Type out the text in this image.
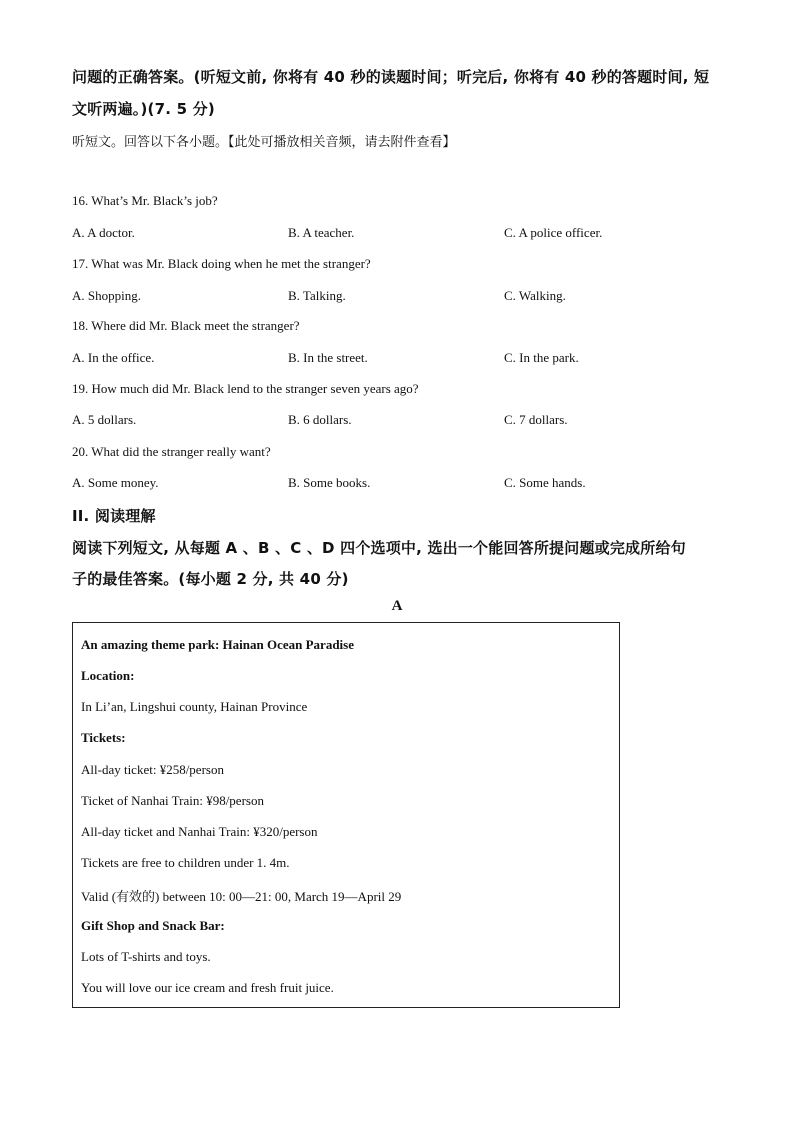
问题的正确答案。(听短文前, 你将有 40 秒的读题时间；听完后, 你将有 40 秒的答题时间, 短
文听两遍。)(7. 5 分)
听短文。回答以下各小题。【此处可播放相关音频，请去附件查看】
16. What’s Mr. Black’s job?
A. A doctor.	B. A teacher.	C. A police officer.
17. What was Mr. Black doing when he met the stranger?
A. Shopping.	B. Talking.	C. Walking.
18. Where did Mr. Black meet the stranger?
A. In the office.	B. In the street.	C. In the park.
19. How much did Mr. Black lend to the stranger seven years ago?
A. 5 dollars.	B. 6 dollars.	C. 7 dollars.
20. What did the stranger really want?
A. Some money.	B. Some books.	C. Some hands.
II. 阅读理解
阅读下列短文, 从每题 A 、B 、C 、D 四个选项中, 选出一个能回答所提问题或完成所给句
子的最佳答案。(每小题 2 分, 共 40 分)
A
An amazing theme park: Hainan Ocean Paradise
Location:
In Li’an, Lingshui county, Hainan Province
Tickets:
All-day ticket: ¥258/person
Ticket of Nanhai Train: ¥98/person
All-day ticket and Nanhai Train: ¥320/person
Tickets are free to children under 1. 4m.
Valid (有效的) between 10: 00—21: 00, March 19—April 29
Gift Shop and Snack Bar:
Lots of T-shirts and toys.
You will love our ice cream and fresh fruit juice.
